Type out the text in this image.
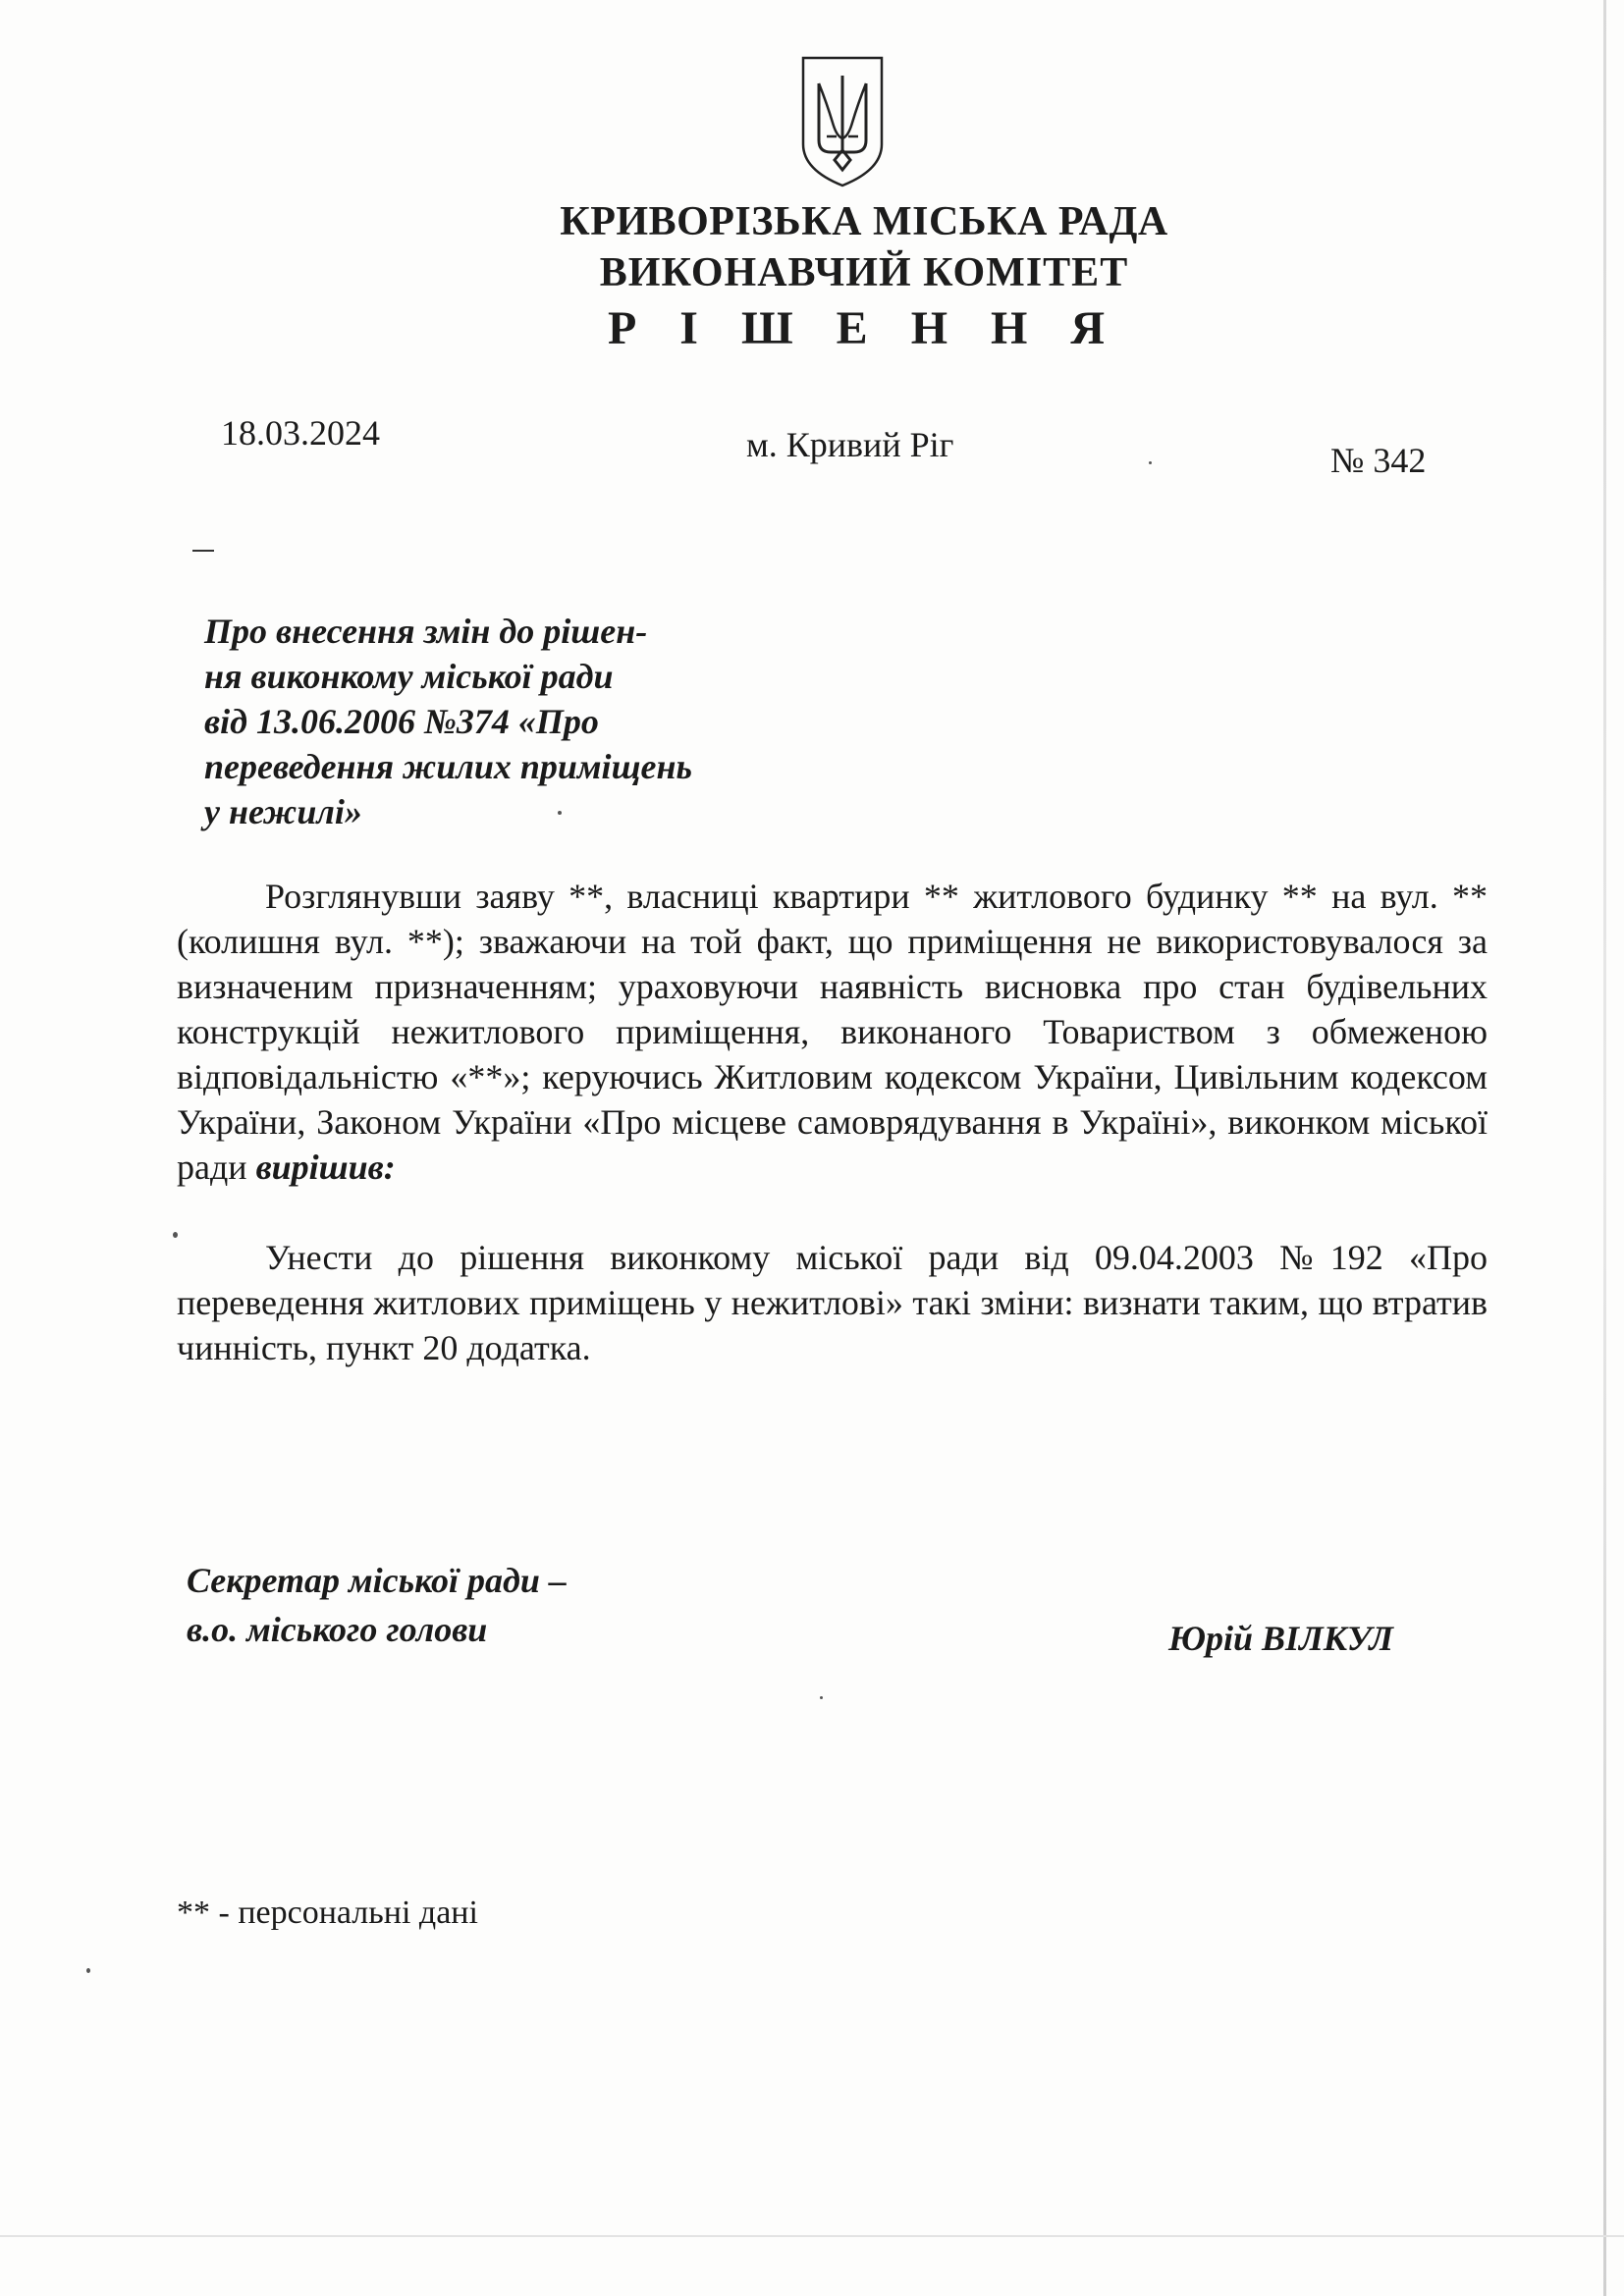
КРИВОРІЗЬКА МІСЬКА РАДА
ВИКОНАВЧИЙ КОМІТЕТ
Р І Ш Е Н Н Я
18.03.2024	м. Кривий Ріг	№ 342
Про внесення змін до рішен-
ня виконкому міської ради
від 13.06.2006 №374 «Про
переведення жилих приміщень
у нежилі»
Розглянувши заяву **, власниці квартири ** житлового будинку ** на вул. ** (колишня вул. **); зважаючи на той факт, що приміщення не використовувалося за визначеним призначенням; ураховуючи наявність висновка про стан будівельних конструкцій нежитлового приміщення, виконаного Товариством з обмеженою відповідальністю «**»; керуючись Житловим кодексом України, Цивільним кодексом України, Законом України «Про місцеве самоврядування в Україні», виконком міської ради вирішив:
Унести до рішення виконкому міської ради від 09.04.2003 №192 «Про переведення житлових приміщень у нежитлові» такі зміни: визнати таким, що втратив чинність, пункт 20 додатка.
Секретар міської ради –
в.о. міського голови	Юрій ВІЛКУЛ
** - персональні дані
